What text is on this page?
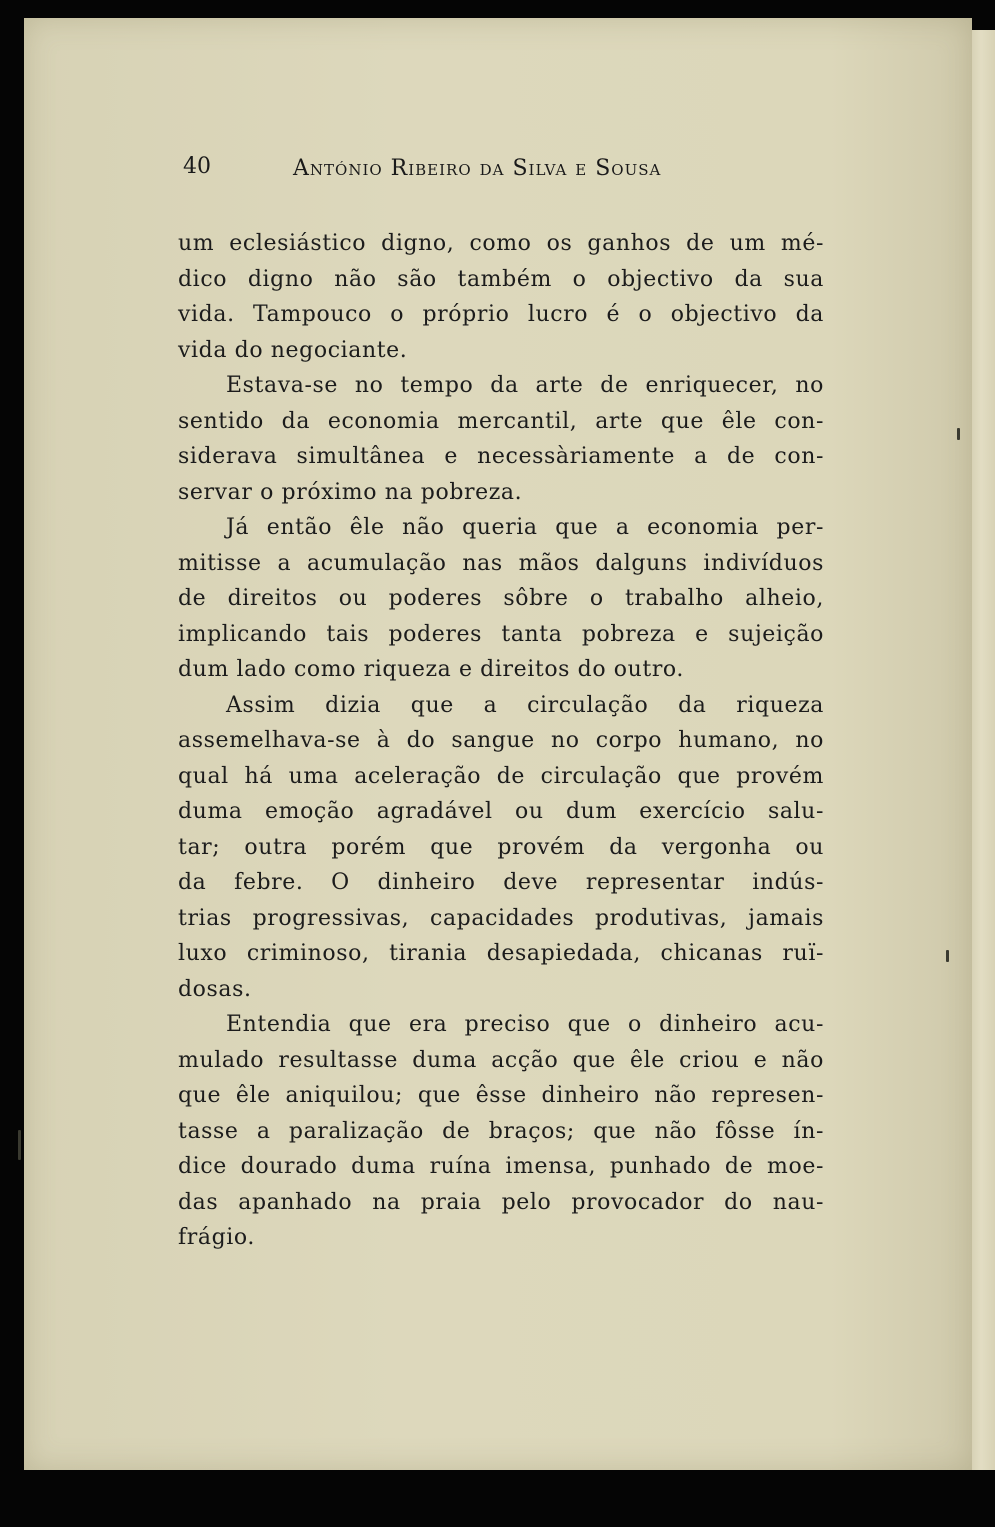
40	António Ribeiro da Silva e Sousa
um eclesiástico digno, como os ganhos de um mé-
dico digno não são também o objectivo da sua
vida. Tampouco o próprio lucro é o objectivo da
vida do negociante.
Estava-se no tempo da arte de enriquecer, no
sentido da economia mercantil, arte que êle con-
siderava simultânea e necessàriamente a de con-
servar o próximo na pobreza.
Já então êle não queria que a economia per-
mitisse a acumulação nas mãos dalguns indivíduos
de direitos ou poderes sôbre o trabalho alheio,
implicando tais poderes tanta pobreza e sujeição
dum lado como riqueza e direitos do outro.
Assim dizia que a circulação da riqueza
assemelhava-se à do sangue no corpo humano, no
qual há uma aceleração de circulação que provém
duma emoção agradável ou dum exercício salu-
tar; outra porém que provém da vergonha ou
da febre. O dinheiro deve representar indús-
trias progressivas, capacidades produtivas, jamais
luxo criminoso, tirania desapiedada, chicanas ruï-
dosas.
Entendia que era preciso que o dinheiro acu-
mulado resultasse duma acção que êle criou e não
que êle aniquilou; que êsse dinheiro não represen-
tasse a paralização de braços; que não fôsse ín-
dice dourado duma ruína imensa, punhado de moe-
das apanhado na praia pelo provocador do nau-
frágio.
